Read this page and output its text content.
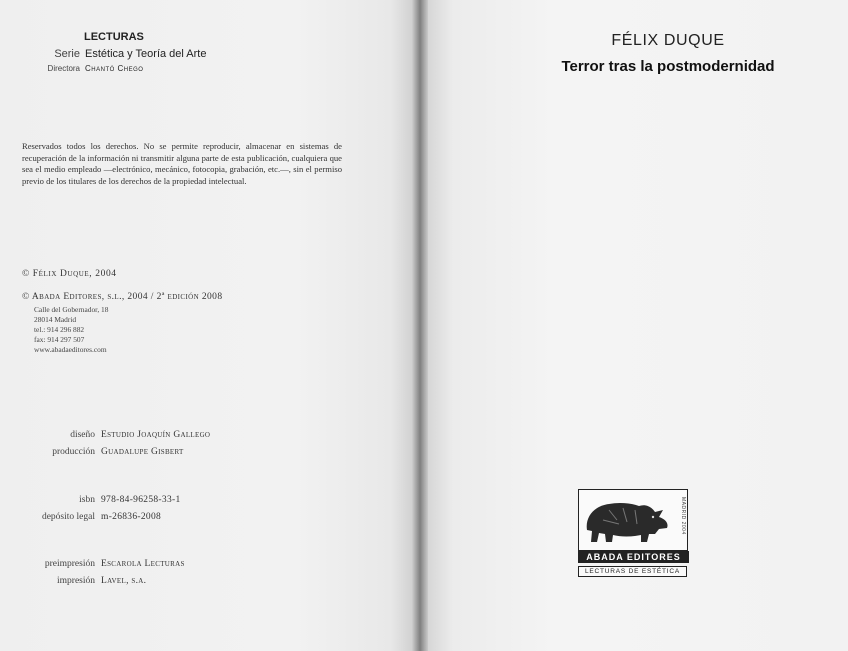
LECTURAS
Serie Estética y Teoría del Arte
Directora Chantó Chego
Reservados todos los derechos. No se permite reproducir, almacenar en sistemas de recuperación de la información ni transmitir alguna parte de esta publicación, cualquiera que sea el medio empleado —electrónico, mecánico, fotocopia, grabación, etc.—, sin el permiso previo de los titulares de los derechos de la propiedad intelectual.
© Félix Duque, 2004
© Abada Editores, s.l., 2004 / 2ª edición 2008
Calle del Gobernador, 18
28014 Madrid
tel.: 914 296 882
fax: 914 297 507
www.abadaeditores.com
diseño Estudio Joaquín Gallego
producción Guadalupe Gisbert
isbn 978-84-96258-33-1
depósito legal m-26836-2008
preimpresión Escarola Lecturas
impresión Lavel, s.a.
FÉLIX DUQUE
Terror tras la postmodernidad
MADRID 2004
ABADA EDITORES
LECTURAS DE ESTÉTICA
